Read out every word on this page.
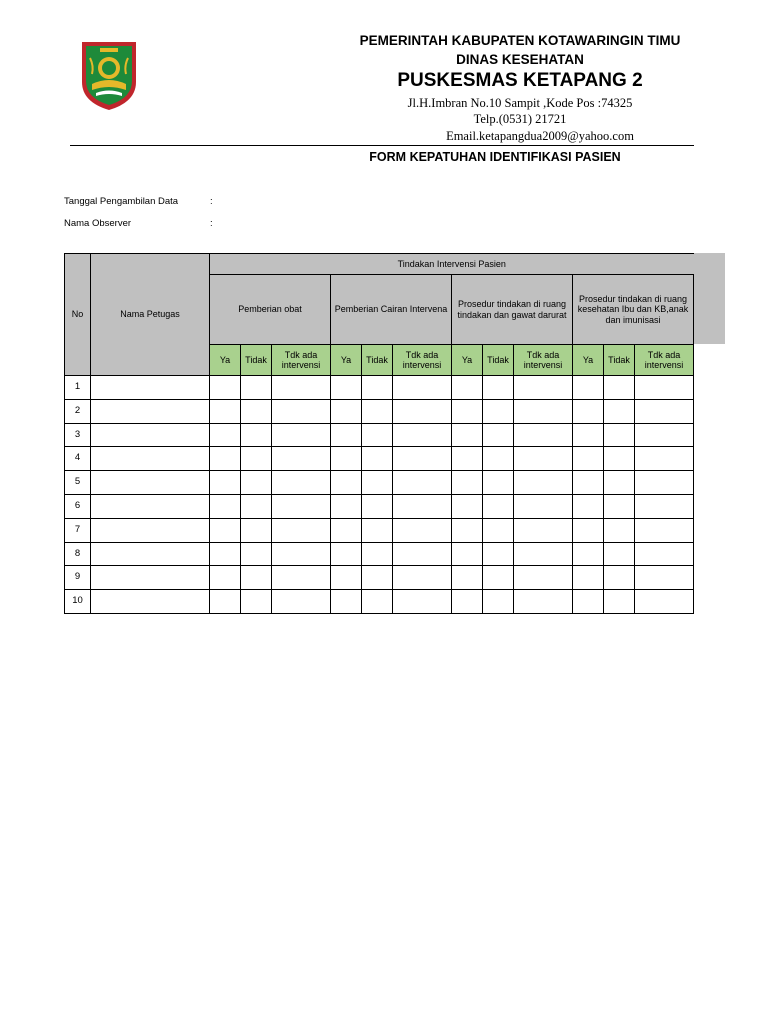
PEMERINTAH KABUPATEN KOTAWARINGIN TIMU
DINAS KESEHATAN
PUSKESMAS KETAPANG 2
Jl.H.Imbran No.10 Sampit ,Kode Pos :74325
Telp.(0531) 21721
Email.ketapangdua2009@yahoo.com
FORM KEPATUHAN IDENTIFIKASI PASIEN
Tanggal Pengambilan Data	:
Nama Observer	:
No	Nama Petugas	Tindakan Intervensi Pasien											
		Pemberian obat			Pemberian Cairan Intervena			Prosedur tindakan di ruang tindakan dan gawat darurat			Prosedur tindakan di ruang kesehatan Ibu dan KB,anak dan imunisasi		
		Ya	Tidak	Tdk ada intervensi	Ya	Tidak	Tdk ada intervensi	Ya	Tidak	Tdk ada intervensi	Ya	Tidak	Tdk ada intervensi
1													
2													
3													
4													
5													
6													
7													
8													
9													
10													
